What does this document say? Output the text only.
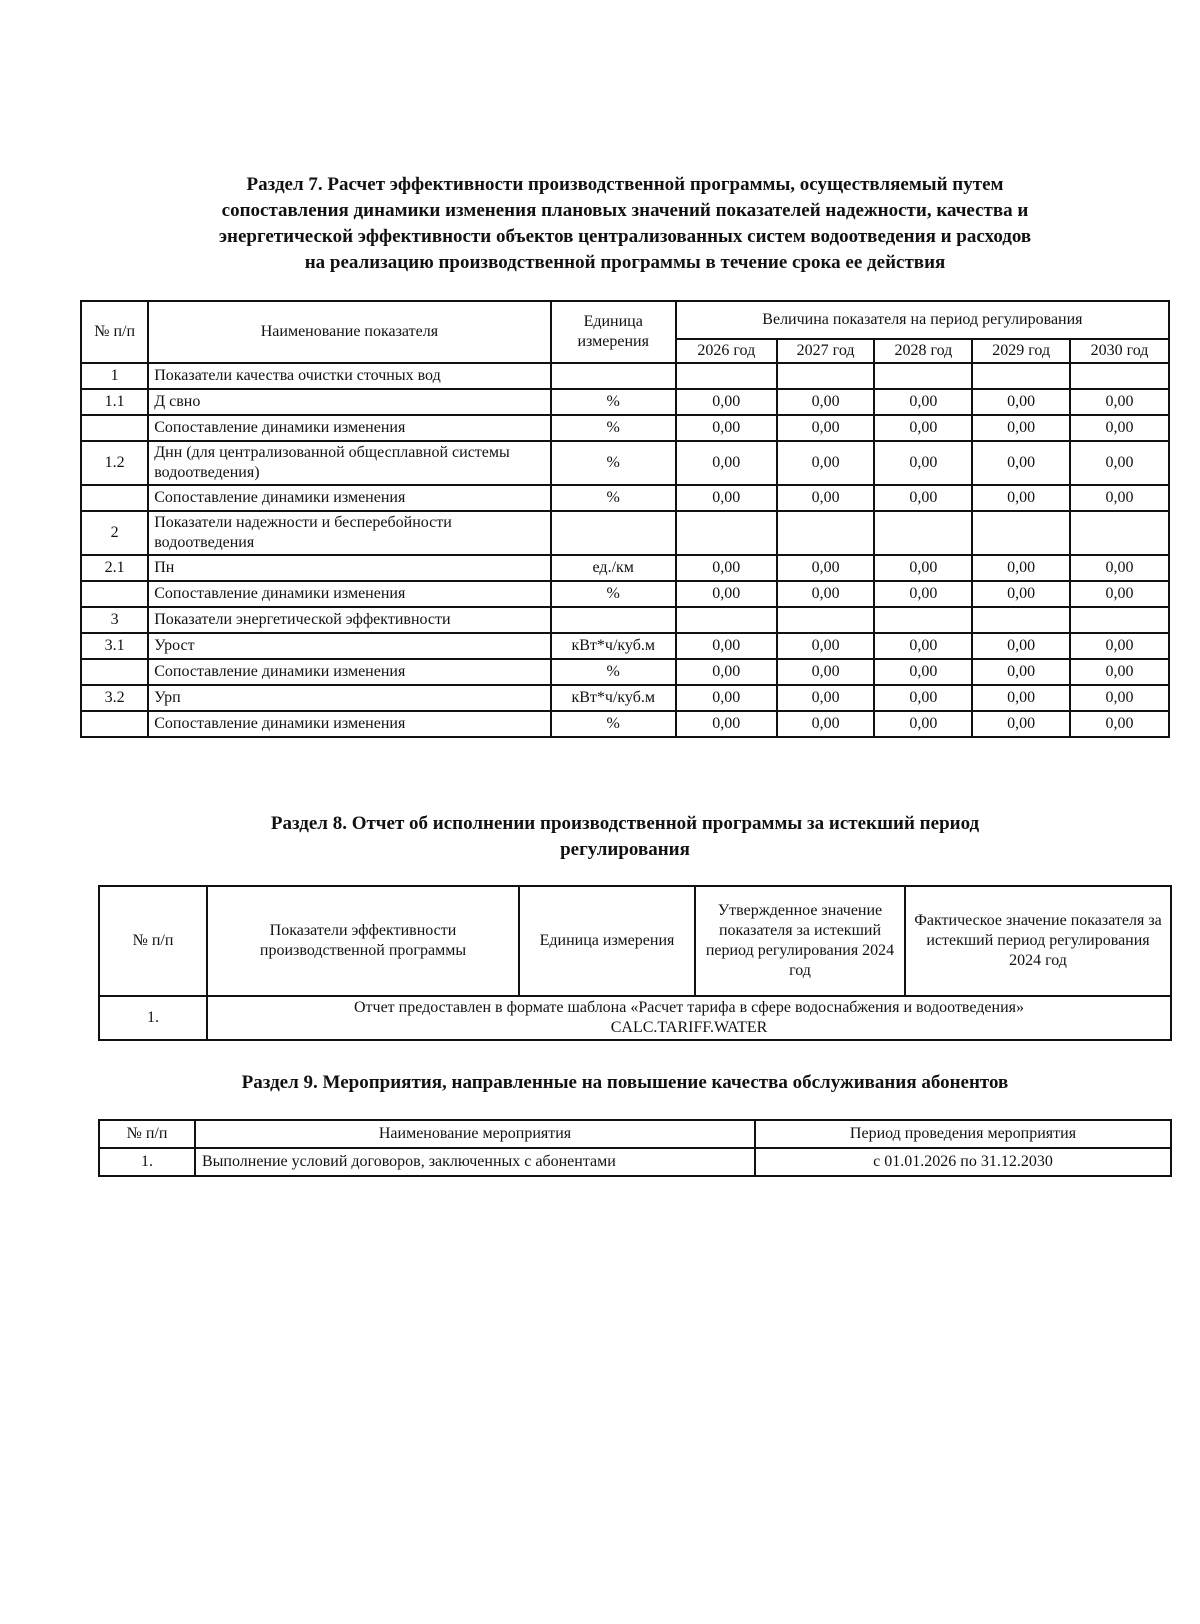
Раздел 7. Расчет эффективности производственной программы, осуществляемый путем
сопоставления динамики изменения плановых значений показателей надежности, качества и
энергетической эффективности объектов централизованных систем водоотведения и расходов
на реализацию производственной программы в течение срока ее действия
№ п/п	Наименование показателя	Единица измерения	Величина показателя на период регулирования				
			2026 год	2027 год	2028 год	2029 год	2030 год
1	Показатели качества очистки сточных вод						
1.1	Д свно	%	0,00	0,00	0,00	0,00	0,00
	Сопоставление динамики изменения	%	0,00	0,00	0,00	0,00	0,00
1.2	Днн (для централизованной общесплавной системы водоотведения)	%	0,00	0,00	0,00	0,00	0,00
	Сопоставление динамики изменения	%	0,00	0,00	0,00	0,00	0,00
2	Показатели надежности и бесперебойности водоотведения						
2.1	Пн	ед./км	0,00	0,00	0,00	0,00	0,00
	Сопоставление динамики изменения	%	0,00	0,00	0,00	0,00	0,00
3	Показатели энергетической эффективности						
3.1	Урост	кВт*ч/куб.м	0,00	0,00	0,00	0,00	0,00
	Сопоставление динамики изменения	%	0,00	0,00	0,00	0,00	0,00
3.2	Урп	кВт*ч/куб.м	0,00	0,00	0,00	0,00	0,00
	Сопоставление динамики изменения	%	0,00	0,00	0,00	0,00	0,00
Раздел 8. Отчет об исполнении производственной программы за истекший период
регулирования
№ п/п	Показатели эффективности производственной программы	Единица измерения	Утвержденное значение показателя за истекший период регулирования 2024 год	Фактическое значение показателя за истекший период регулирования 2024 год
1.	Отчет предоставлен в формате шаблона «Расчет тарифа в сфере водоснабжения и водоотведения»
CALC.TARIFF.WATER			
Раздел 9. Мероприятия, направленные на повышение качества обслуживания абонентов
№ п/п	Наименование мероприятия	Период проведения мероприятия
1.	Выполнение условий договоров, заключенных с абонентами	с 01.01.2026 по 31.12.2030
